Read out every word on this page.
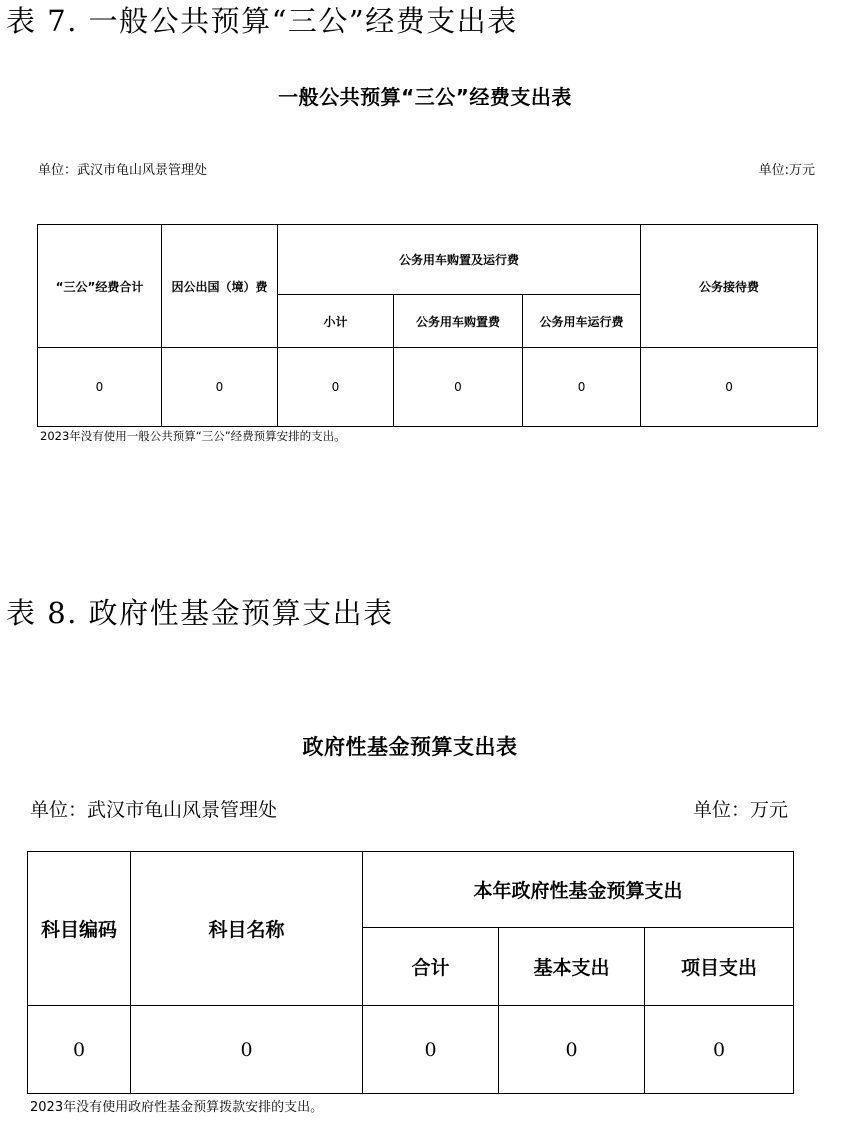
表 7. 一般公共预算“三公”经费支出表
一般公共预算“三公”经费支出表
单位：武汉市龟山风景管理处	单位:万元
“三公”经费合计	因公出国（境）费	公务用车购置及运行费			公务接待费
		小计	公务用车购置费	公务用车运行费	
0	0	0	0	0	0
2023年没有使用一般公共预算“三公”经费预算安排的支出。
表 8. 政府性基金预算支出表
政府性基金预算支出表
单位：武汉市龟山风景管理处	单位：万元
科目编码	科目名称	本年政府性基金预算支出		
		合计	基本支出	项目支出
0	0	0	0	0
2023年没有使用政府性基金预算拨款安排的支出。
